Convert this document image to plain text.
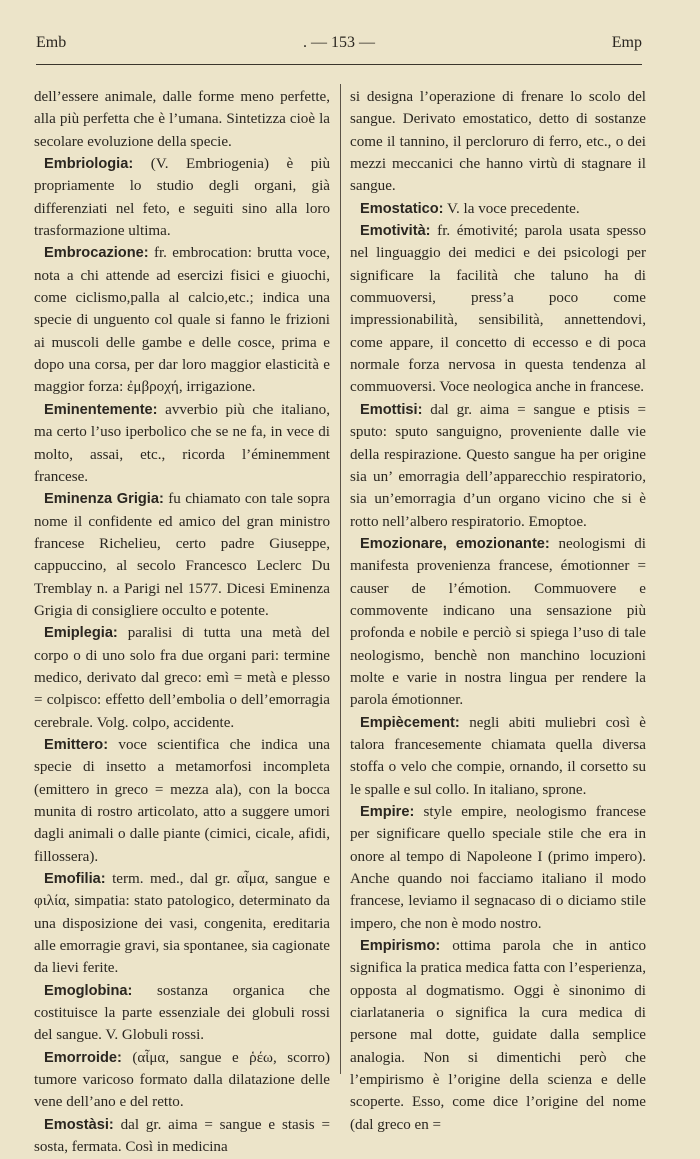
Emb	. — 153 —	Emp

dell’essere animale, dalle forme meno perfette, alla più perfetta che è l’umana. Sintetizza cioè la secolare evoluzione della specie.

Embriologia: (V. Embriogenia) è più propriamente lo studio degli organi, già differenziati nel feto, e seguiti sino alla loro trasformazione ultima.

Embrocazione: fr. embrocation: brutta voce, nota a chi attende ad esercizi fisici e giuochi, come ciclismo,palla al calcio,etc.; indica una specie di unguento col quale si fanno le frizioni ai muscoli delle gambe e delle cosce, prima e dopo una corsa, per dar loro maggior elasticità e maggior forza: ἐμβροχή, irrigazione.

Eminentemente: avverbio più che italiano, ma certo l’uso iperbolico che se ne fa, in vece di molto, assai, etc., ricorda l’éminemment francese.

Eminenza Grigia: fu chiamato con tale sopra nome il confidente ed amico del gran ministro francese Richelieu, certo padre Giuseppe, cappuccino, al secolo Francesco Leclerc Du Tremblay n. a Parigi nel 1577. Dicesi Eminenza Grigia di consigliere occulto e potente.

Emiplegia: paralisi di tutta una metà del corpo o di uno solo fra due organi pari: termine medico, derivato dal greco: emì = metà e plesso = colpisco: effetto dell’embolia o dell’emorragia cerebrale. Volg. colpo, accidente.

Emittero: voce scientifica che indica una specie di insetto a metamorfosi incompleta (emittero in greco = mezza ala), con la bocca munita di rostro articolato, atto a suggere umori dagli animali o dalle piante (cimici, cicale, afidi, fillossera).

Emofilia: term. med., dal gr. αἷμα, sangue e φιλία, simpatia: stato patologico, determinato da una disposizione dei vasi, congenita, ereditaria alle emorragie gravi, sia spontanee, sia cagionate da lievi ferite.

Emoglobina: sostanza organica che costituisce la parte essenziale dei globuli rossi del sangue. V. Globuli rossi.

Emorroide: (αἷμα, sangue e ῥέω, scorro) tumore varicoso formato dalla dilatazione delle vene dell’ano e del retto.

Emostàsi: dal gr. aima = sangue e stasis = sosta, fermata. Così in medicina

si designa l’operazione di frenare lo scolo del sangue. Derivato emostatico, detto di sostanze come il tannino, il percloruro di ferro, etc., o dei mezzi meccanici che hanno virtù di stagnare il sangue.

Emostatico: V. la voce precedente.

Emotività: fr. émotivité; parola usata spesso nel linguaggio dei medici e dei psicologi per significare la facilità che taluno ha di commuoversi, press’a poco come impressionabilità, sensibilità, annettendovi, come appare, il concetto di eccesso e di poca normale forza nervosa in questa tendenza al commuoversi. Voce neologica anche in francese.

Emottisi: dal gr. aima = sangue e ptisis = sputo: sputo sanguigno, proveniente dalle vie della respirazione. Questo sangue ha per origine sia un’ emorragia dell’apparecchio respiratorio, sia un’emorragia d’un organo vicino che si è rotto nell’albero respiratorio. Emoptoe.

Emozionare, emozionante: neologismi di manifesta provenienza francese, émotionner = causer de l’émotion. Commuovere e commovente indicano una sensazione più profonda e nobile e perciò si spiega l’uso di tale neologismo, benchè non manchino locuzioni molte e varie in nostra lingua per rendere la parola émotionner.

Empiècement: negli abiti muliebri così è talora francesemente chiamata quella diversa stoffa o velo che compie, ornando, il corsetto su le spalle e sul collo. In italiano, sprone.

Empire: style empire, neologismo francese per significare quello speciale stile che era in onore al tempo di Napoleone I (primo impero). Anche quando noi facciamo italiano il modo francese, leviamo il segnacaso di o diciamo stile impero, che non è modo nostro.

Empirismo: ottima parola che in antico significa la pratica medica fatta con l’esperienza, opposta al dogmatismo. Oggi è sinonimo di ciarlataneria o significa la cura medica di persone mal dotte, guidate dalla semplice analogia. Non si dimentichi però che l’empirismo è l’origine della scienza e delle scoperte. Esso, come dice l’origine del nome (dal greco en =
